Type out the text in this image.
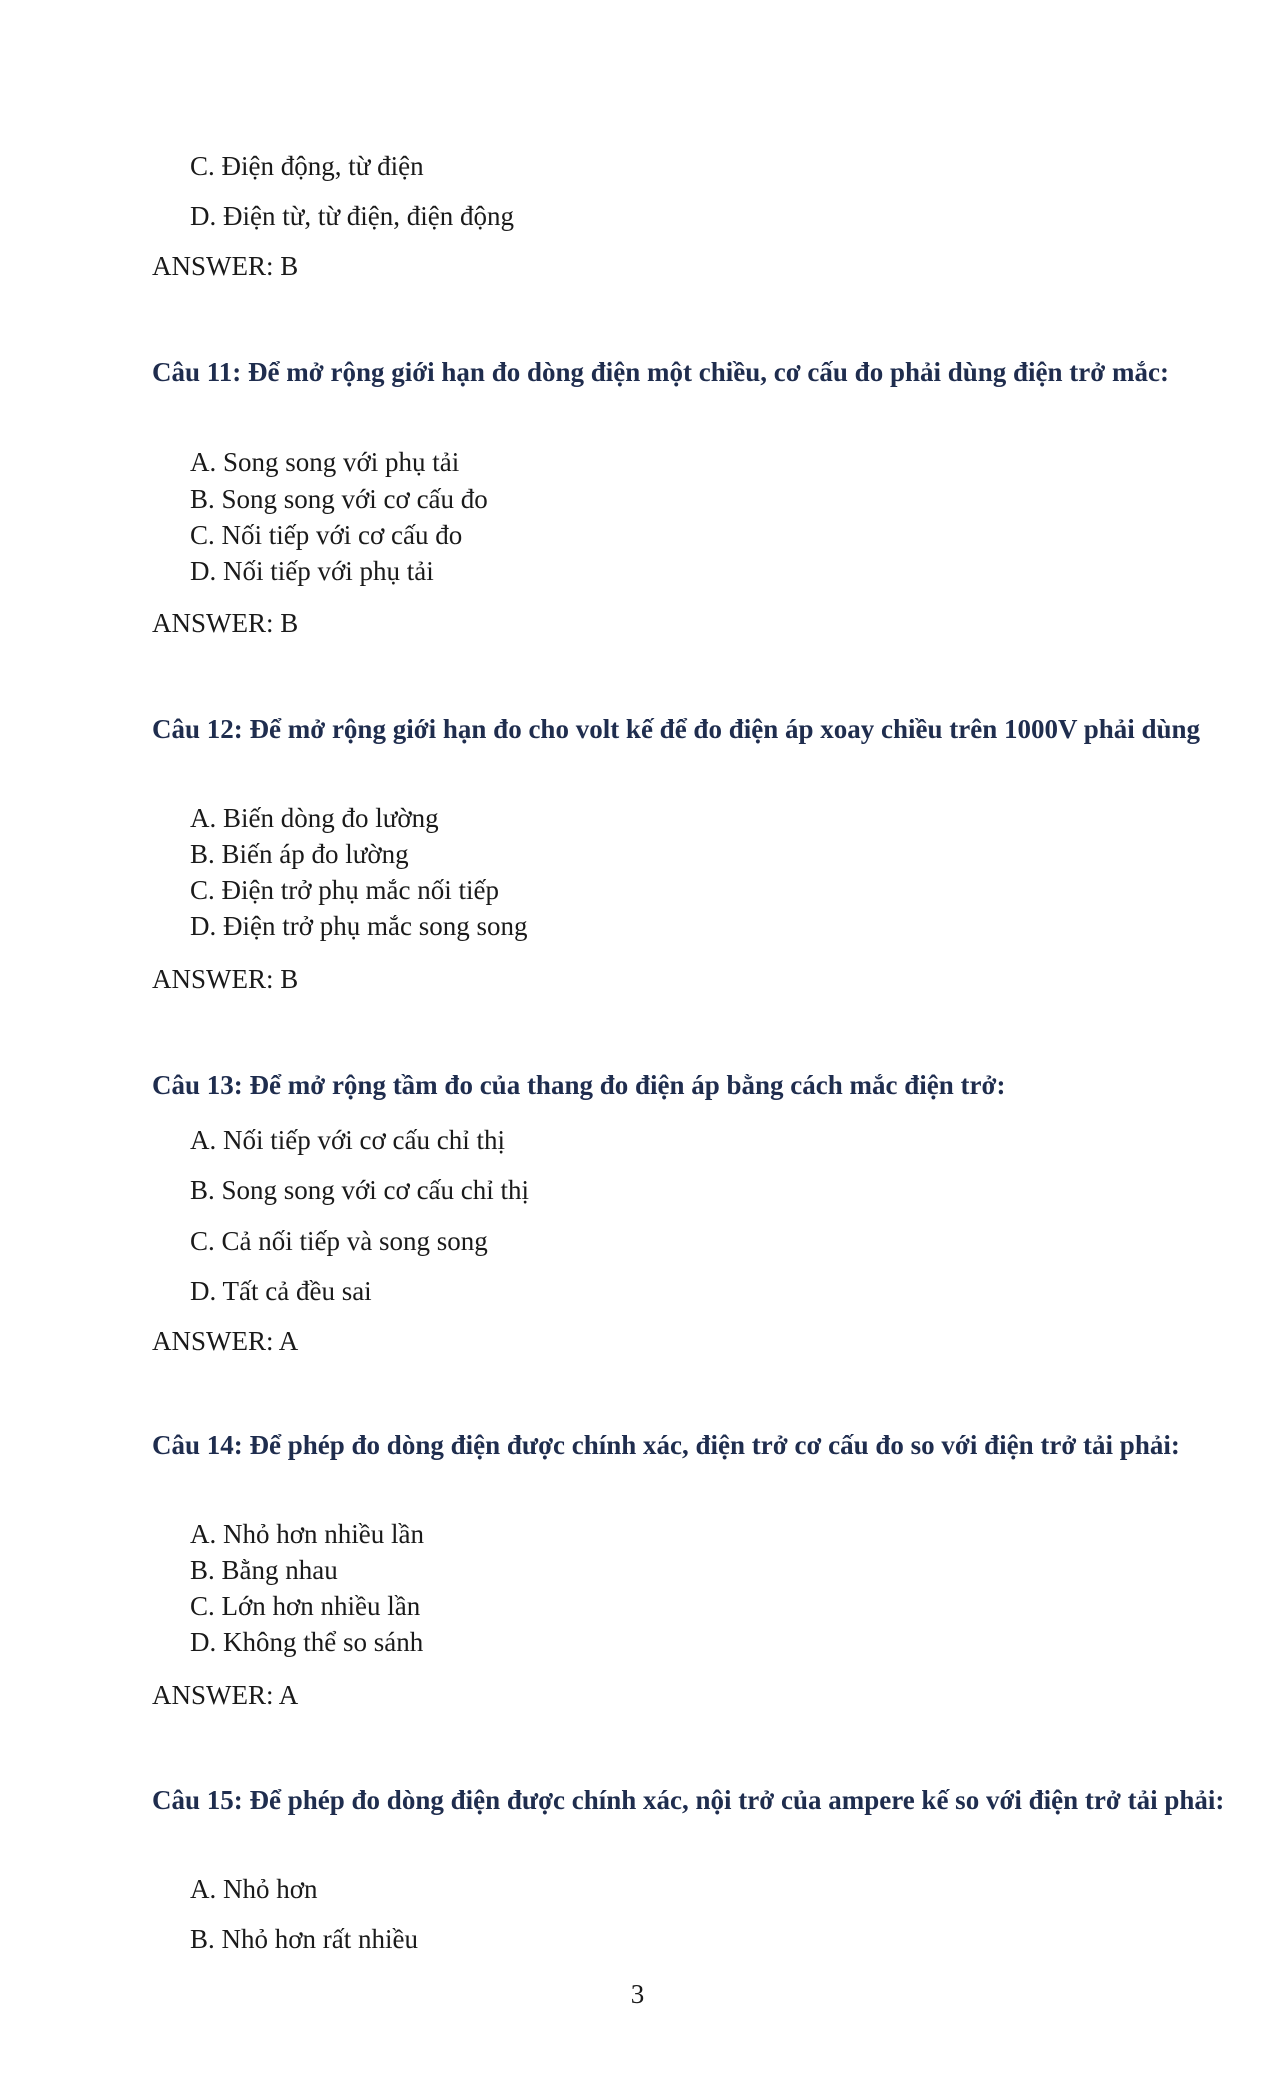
C. Điện động, từ điện
D. Điện từ, từ điện, điện động
ANSWER: B
Câu 11: Để mở rộng giới hạn đo dòng điện một chiều, cơ cấu đo phải dùng điện trở mắc:
A. Song song với phụ tải
B. Song song với cơ cấu đo
C. Nối tiếp với cơ cấu đo
D. Nối tiếp với phụ tải
ANSWER: B
Câu 12: Để mở rộng giới hạn đo cho volt kế để đo điện áp xoay chiều trên 1000V phải dùng
A. Biến dòng đo lường
B. Biến áp đo lường
C. Điện trở phụ mắc nối tiếp
D. Điện trở phụ mắc song song
ANSWER: B
Câu 13: Để mở rộng tầm đo của thang đo điện áp bằng cách mắc điện trở:
A. Nối tiếp với cơ cấu chỉ thị
B. Song song với cơ cấu chỉ thị
C. Cả nối tiếp và song song
D. Tất cả đều sai
ANSWER: A
Câu 14: Để phép đo dòng điện được chính xác, điện trở cơ cấu đo so với điện trở tải phải:
A. Nhỏ hơn nhiều lần
B. Bằng nhau
C. Lớn hơn nhiều lần
D. Không thể so sánh
ANSWER: A
Câu 15: Để phép đo dòng điện được chính xác, nội trở của ampere kế so với điện trở tải phải:
A. Nhỏ hơn
B. Nhỏ hơn rất nhiều
3
